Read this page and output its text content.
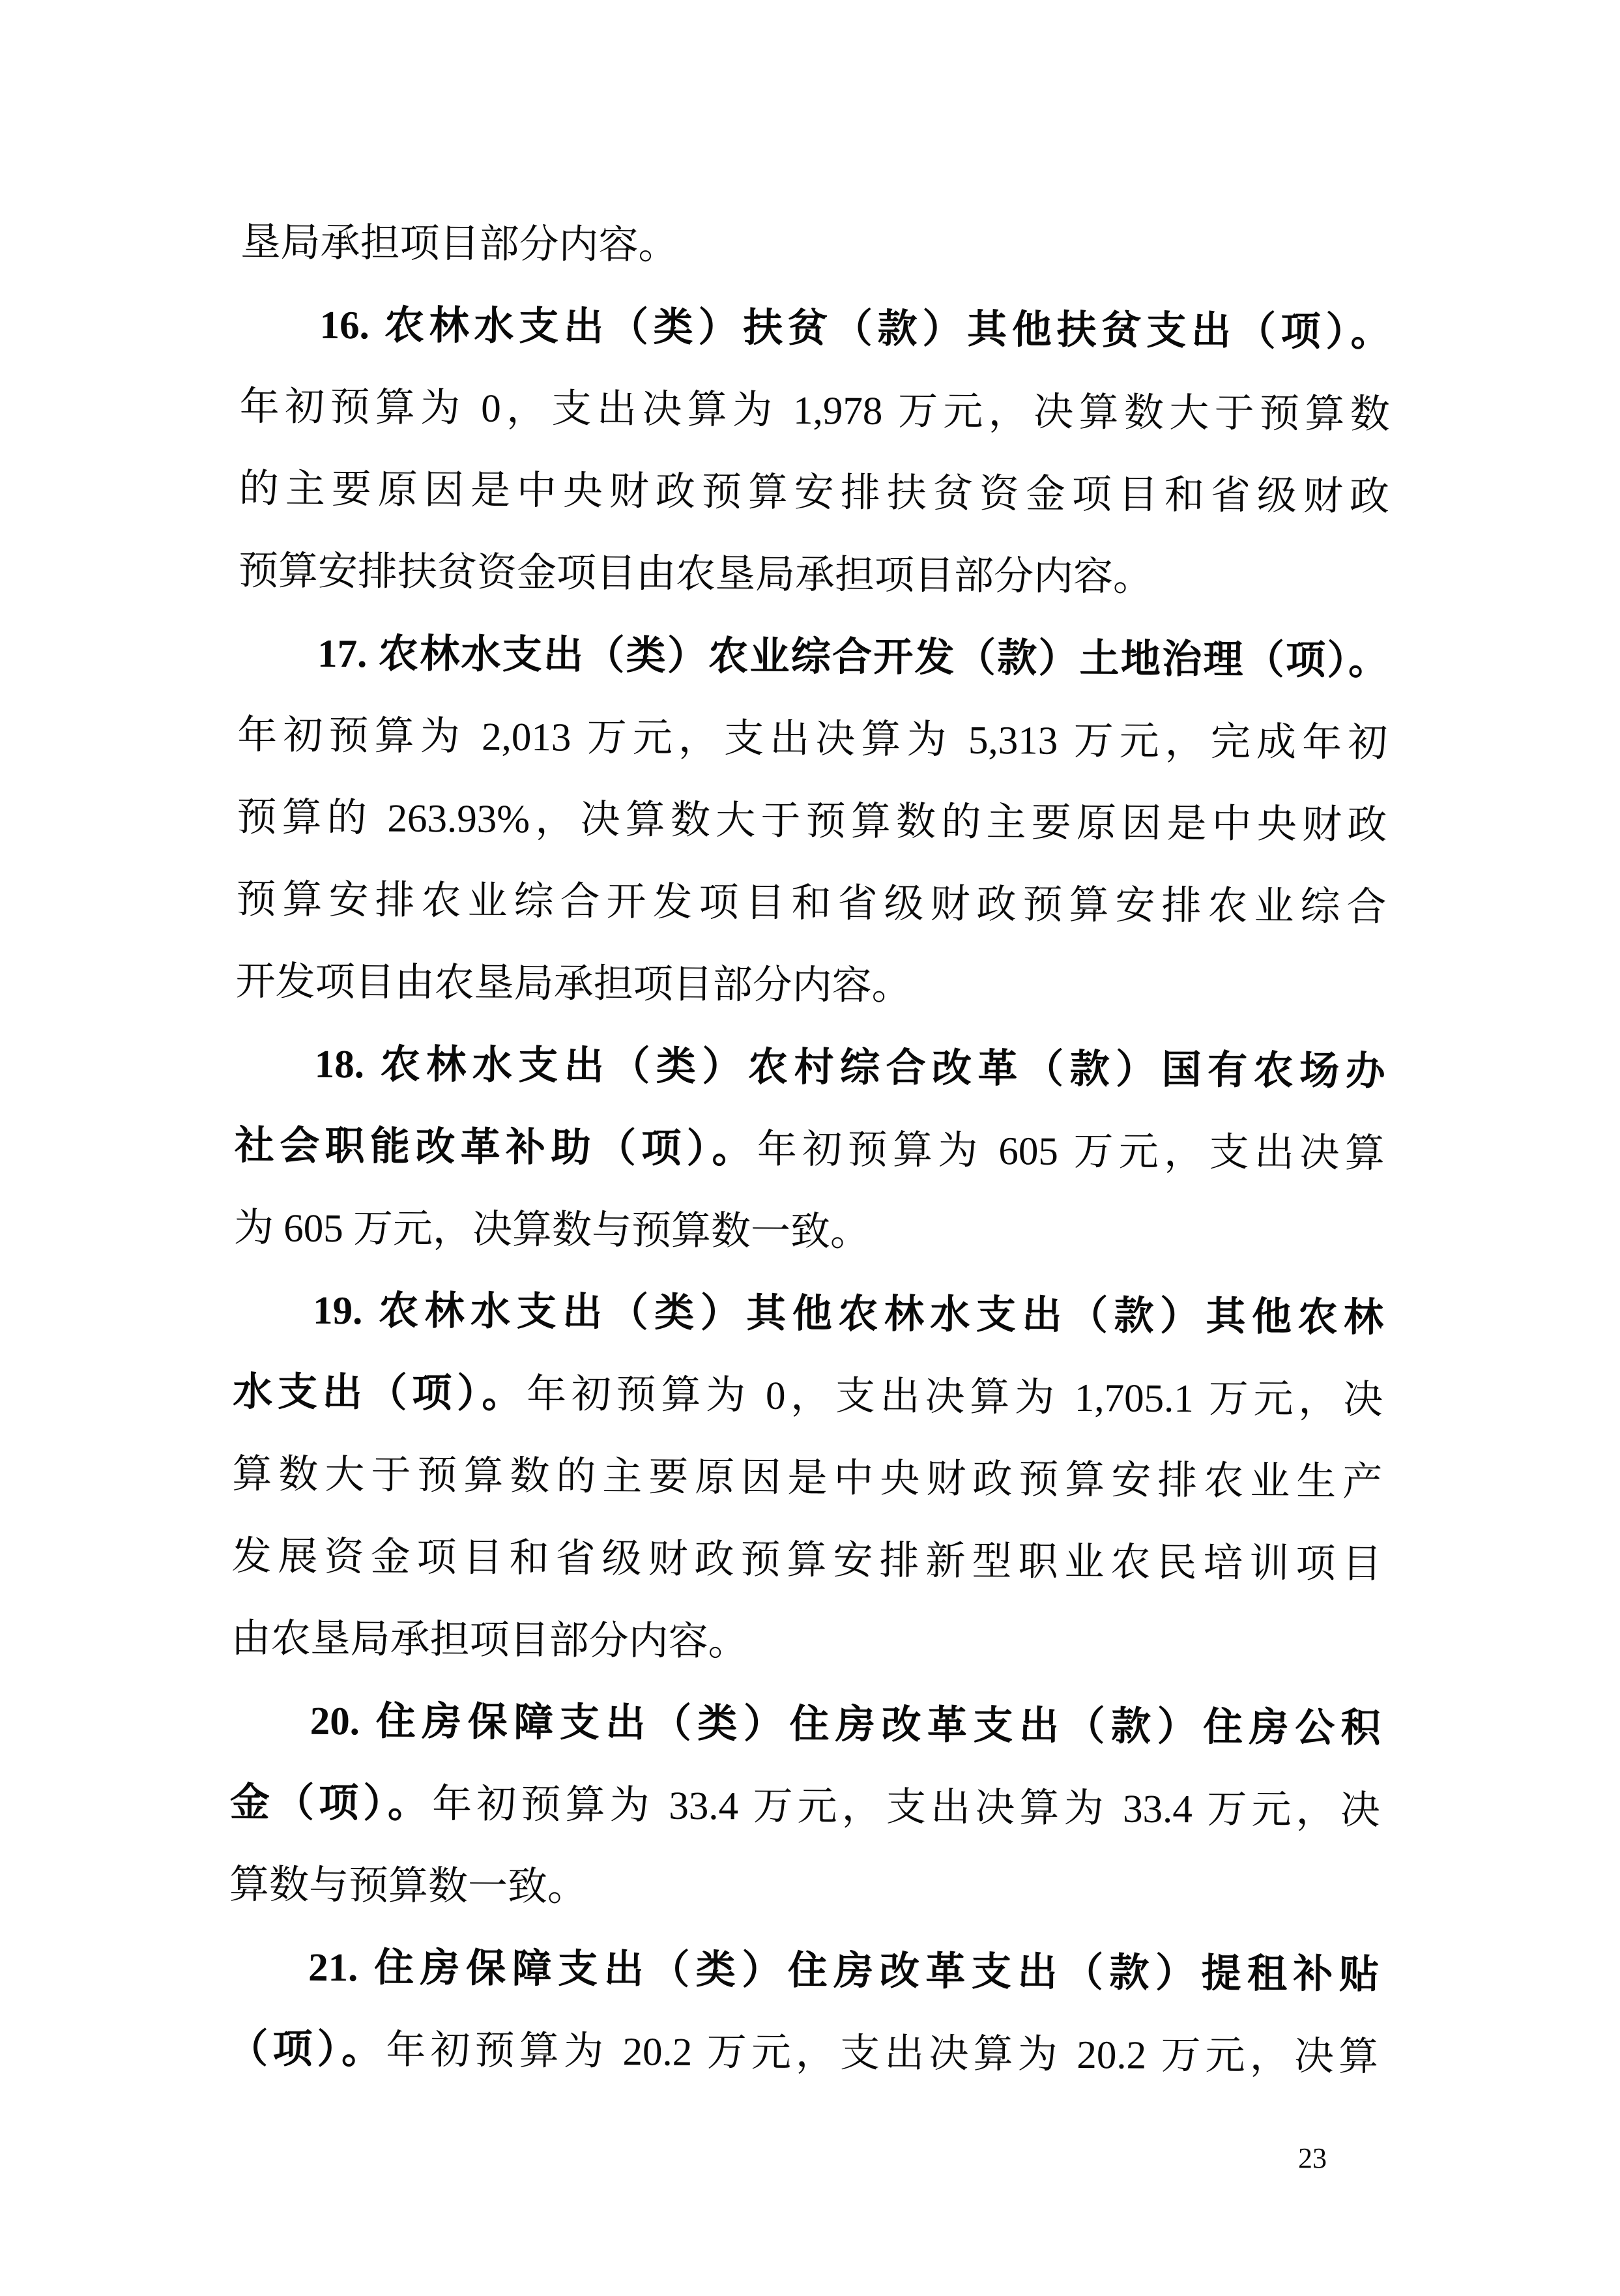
垦局承担项目部分内容。
16. 农林水支出（类）扶贫（款）其他扶贫支出（项）。
年初预算为 0，支出决算为 1,978 万元，决算数大于预算数
的主要原因是中央财政预算安排扶贫资金项目和省级财政
预算安排扶贫资金项目由农垦局承担项目部分内容。
17. 农林水支出（类）农业综合开发（款）土地治理（项）。
年初预算为 2,013 万元，支出决算为 5,313 万元，完成年初
预算的 263.93%，决算数大于预算数的主要原因是中央财政
预算安排农业综合开发项目和省级财政预算安排农业综合
开发项目由农垦局承担项目部分内容。
18. 农林水支出（类）农村综合改革（款）国有农场办
社会职能改革补助（项）。年初预算为 605 万元，支出决算
为 605 万元，决算数与预算数一致。
19. 农林水支出（类）其他农林水支出（款）其他农林
水支出（项）。年初预算为 0，支出决算为 1,705.1 万元，决
算数大于预算数的主要原因是中央财政预算安排农业生产
发展资金项目和省级财政预算安排新型职业农民培训项目
由农垦局承担项目部分内容。
20. 住房保障支出（类）住房改革支出（款）住房公积
金（项）。年初预算为 33.4 万元，支出决算为 33.4 万元，决
算数与预算数一致。
21. 住房保障支出（类）住房改革支出（款）提租补贴
（项）。年初预算为 20.2 万元，支出决算为 20.2 万元，决算
23
